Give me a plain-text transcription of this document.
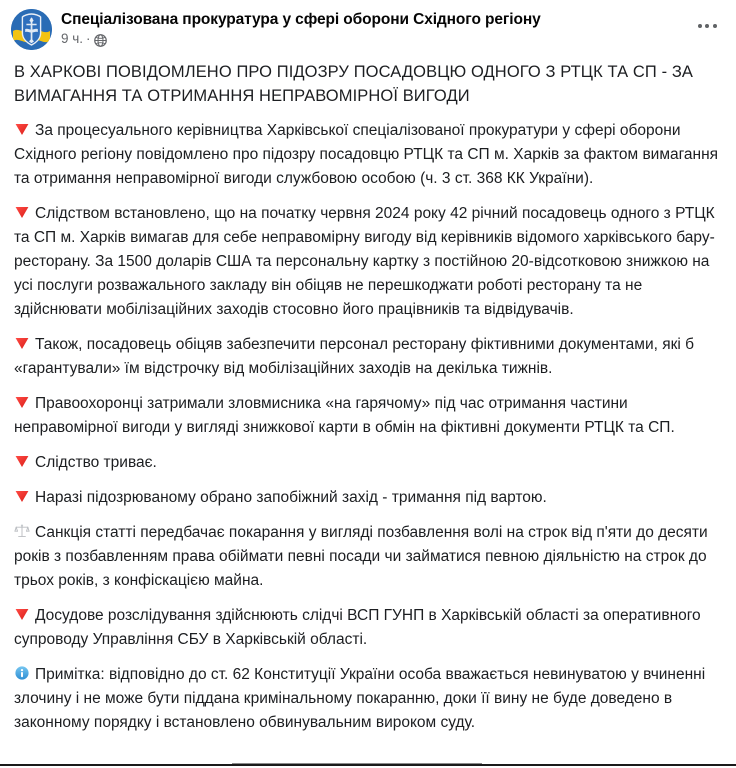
Спеціалізована прокуратура у сфері оборони Східного регіону
9 ч. ·
В ХАРКОВІ ПОВІДОМЛЕНО ПРО ПІДОЗРУ ПОСАДОВЦЮ ОДНОГО З РТЦК ТА СП - ЗА ВИМАГАННЯ ТА ОТРИМАННЯ НЕПРАВОМІРНОЇ ВИГОДИ

За процесуального керівництва Харківської спеціалізованої прокуратури у сфері оборони Східного регіону повідомлено про підозру посадовцю РТЦК та СП м. Харків за фактом вимагання та отримання неправомірної вигоди службовою особою (ч. 3 ст. 368 КК України).

Слідством встановлено, що на початку червня 2024 року 42 річний посадовець одного з РТЦК та СП м. Харків вимагав для себе неправомірну вигоду від керівників відомого харківського бару-ресторану. За 1500 доларів США та персональну картку з постійною 20-відсотковою знижкою на усі послуги розважального закладу він обіцяв не перешкоджати роботі ресторану та не здійснювати мобілізаційних заходів стосовно його працівників та відвідувачів.

Також, посадовець обіцяв забезпечити персонал ресторану фіктивними документами, які б «гарантували» їм відстрочку від мобілізаційних заходів на декілька тижнів.

Правоохоронці затримали зловмисника «на гарячому» під час отримання частини неправомірної вигоди у вигляді знижкової карти в обмін на фіктивні документи РТЦК та СП.

Слідство триває.

Наразі підозрюваному обрано запобіжний захід - тримання під вартою.

Санкція статті передбачає покарання у вигляді позбавлення волі на строк від п'яти до десяти років з позбавленням права обіймати певні посади чи займатися певною діяльністю на строк до трьох років, з конфіскацією майна.

Досудове розслідування здійснюють слідчі ВСП ГУНП в Харківській області за оперативного супроводу Управління СБУ в Харківській області.

Примітка: відповідно до ст. 62 Конституції України особа вважається невинуватою у вчиненні злочину і не може бути піддана кримінальному покаранню, доки її вину не буде доведено в законному порядку і встановлено обвинувальним вироком суду.
